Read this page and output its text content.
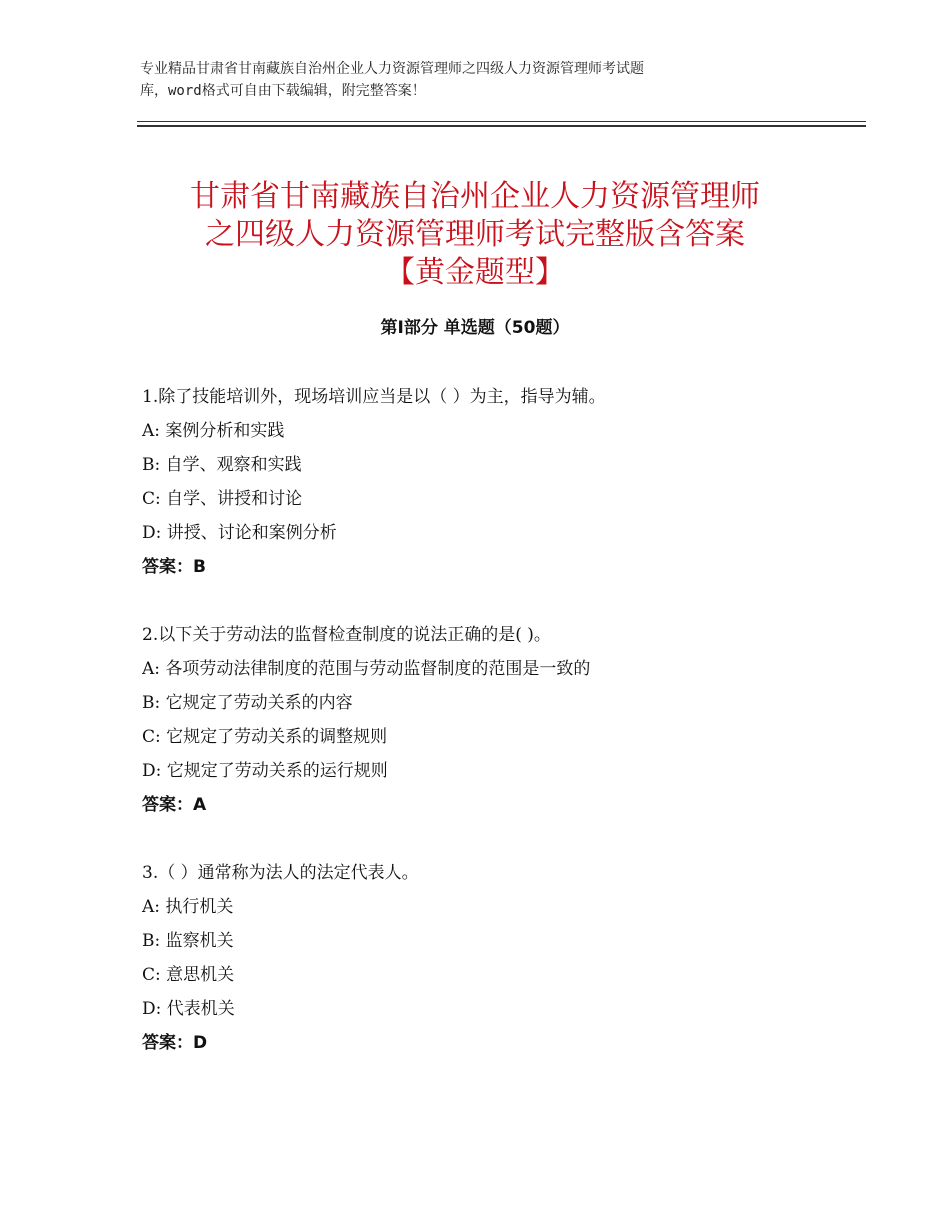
专业精品甘肃省甘南藏族自治州企业人力资源管理师之四级人力资源管理师考试题
库，word格式可自由下载编辑，附完整答案！
甘肃省甘南藏族自治州企业人力资源管理师
之四级人力资源管理师考试完整版含答案
【黄金题型】
第Ⅰ部分 单选题（50题）
1.除了技能培训外，现场培训应当是以（ ）为主，指导为辅。
A: 案例分析和实践
B: 自学、观察和实践
C: 自学、讲授和讨论
D: 讲授、讨论和案例分析
答案：B
2.以下关于劳动法的监督检查制度的说法正确的是( )。
A: 各项劳动法律制度的范围与劳动监督制度的范围是一致的
B: 它规定了劳动关系的内容
C: 它规定了劳动关系的调整规则
D: 它规定了劳动关系的运行规则
答案：A
3.（ ）通常称为法人的法定代表人。
A: 执行机关
B: 监察机关
C: 意思机关
D: 代表机关
答案：D
